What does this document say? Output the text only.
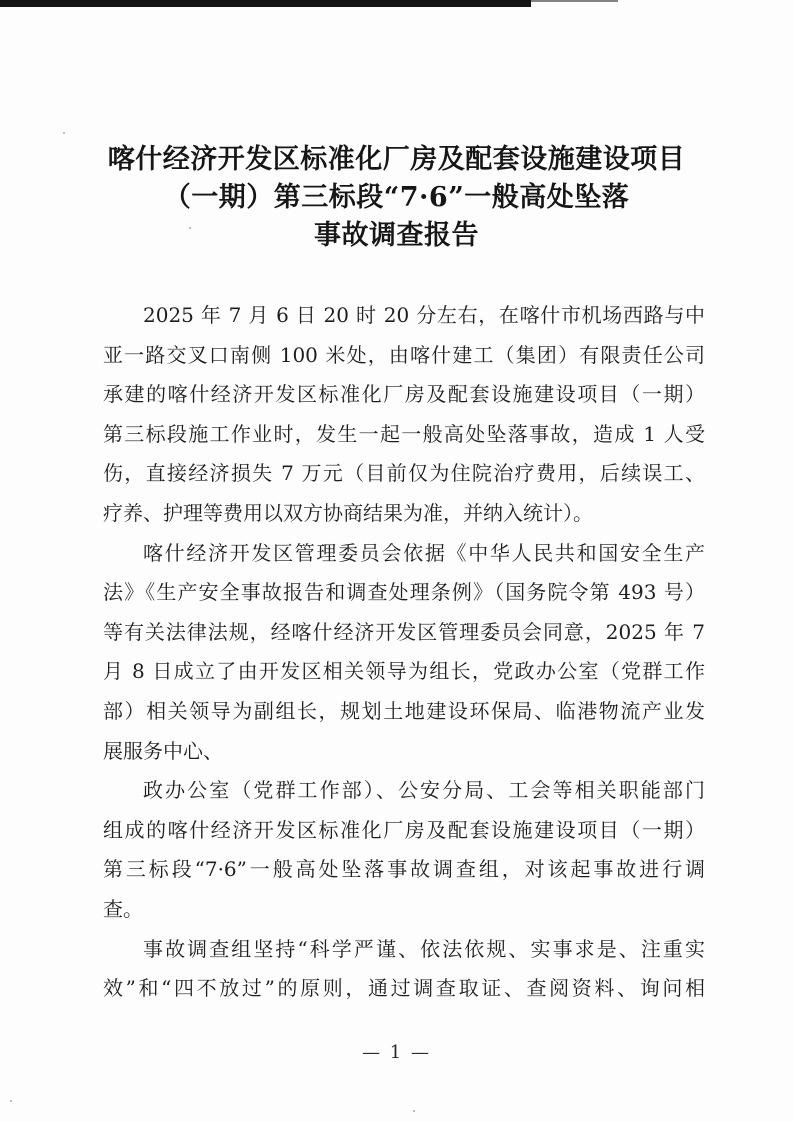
喀什经济开发区标准化厂房及配套设施建设项目
（一期）第三标段“7·6”一般高处坠落
事故调查报告
2025 年 7 月 6 日 20 时 20 分左右，在喀什市机场西路与中
亚一路交叉口南侧 100 米处，由喀什建工（集团）有限责任公司
承建的喀什经济开发区标准化厂房及配套设施建设项目（一期）
第三标段施工作业时，发生一起一般高处坠落事故，造成 1 人受
伤，直接经济损失 7 万元（目前仅为住院治疗费用，后续误工、
疗养、护理等费用以双方协商结果为准，并纳入统计）。
喀什经济开发区管理委员会依据《中华人民共和国安全生产
法》《生产安全事故报告和调查处理条例》（国务院令第 493 号）
等有关法律法规，经喀什经济开发区管理委员会同意，2025 年 7
月 8 日成立了由开发区相关领导为组长，党政办公室（党群工作
部）相关领导为副组长，规划土地建设环保局、临港物流产业发
展服务中心、
政办公室（党群工作部）、公安分局、工会等相关职能部门
组成的喀什经济开发区标准化厂房及配套设施建设项目（一期）
第三标段“7·6”一般高处坠落事故调查组，对该起事故进行调
查。
事故调查组坚持“科学严谨、依法依规、实事求是、注重实
效”和“四不放过”的原则，通过调查取证、查阅资料、询问相
— 1 —
